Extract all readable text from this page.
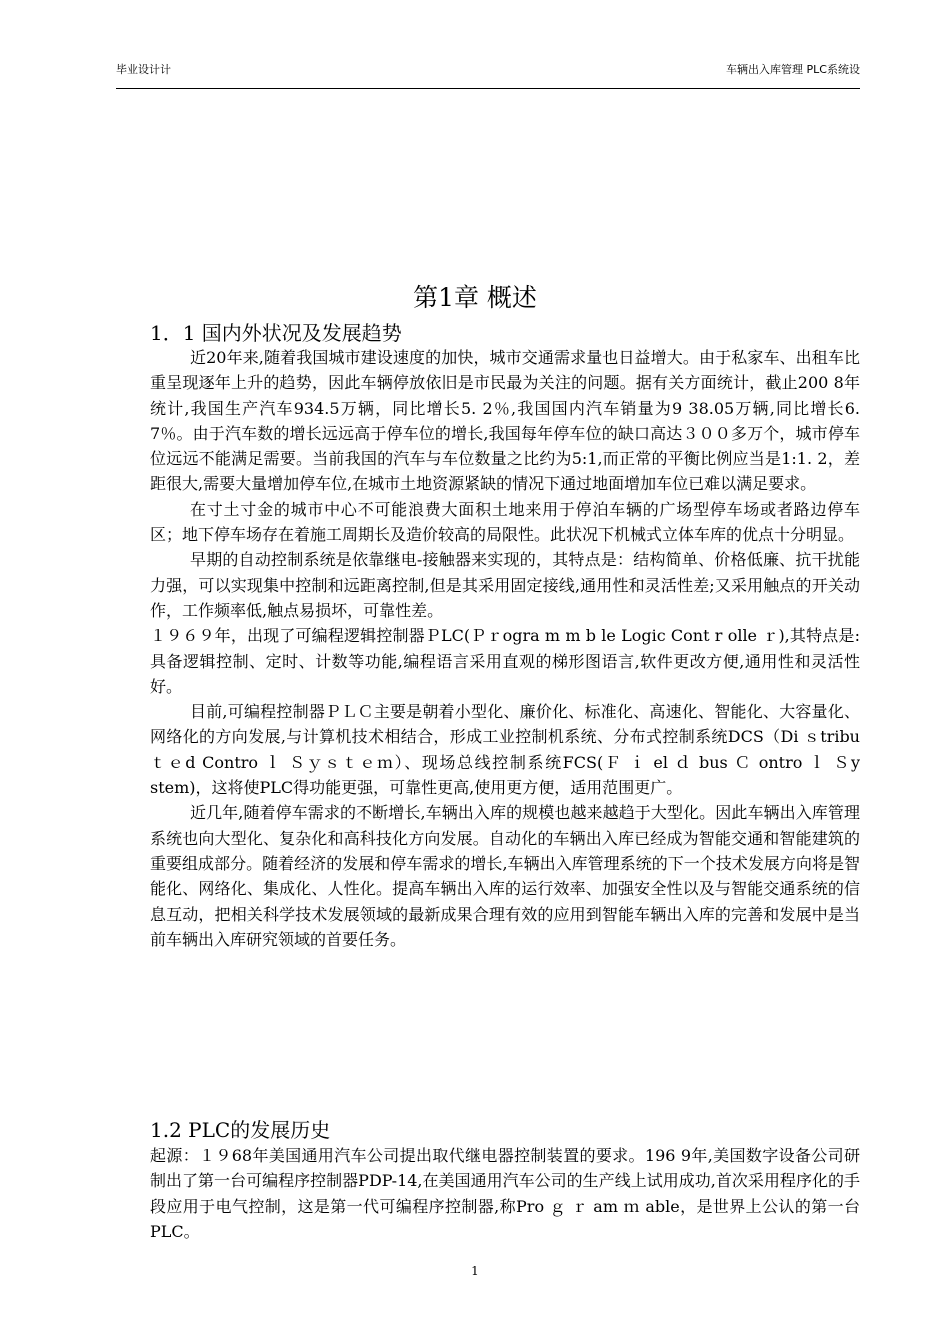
毕业设计计	车辆出入库管理 PLC系统设
第1章 概述
1．1 国内外状况及发展趋势

近20年来,随着我国城市建设速度的加快，城市交通需求量也日益增大。由于私家车、出租车比重呈现逐年上升的趋势，因此车辆停放依旧是市民最为关注的问题。据有关方面统计，截止200 8年统计,我国生产汽车934.5万辆，同比增长5. 2％,我国国内汽车销量为9 38.05万辆,同比增长6. 7％。由于汽车数的增长远远高于停车位的增长,我国每年停车位的缺口高达３００多万个，城市停车位远远不能满足需要。当前我国的汽车与车位数量之比约为5:1,而正常的平衡比例应当是1:1. 2，差距很大,需要大量增加停车位,在城市土地资源紧缺的情况下通过地面增加车位已难以满足要求。

在寸土寸金的城市中心不可能浪费大面积土地来用于停泊车辆的广场型停车场或者路边停车区；地下停车场存在着施工周期长及造价较高的局限性。此状况下机械式立体车库的优点十分明显。

早期的自动控制系统是依靠继电-接触器来实现的，其特点是：结构简单、价格低廉、抗干扰能力强，可以实现集中控制和远距离控制,但是其采用固定接线,通用性和灵活性差;又采用触点的开关动作，工作频率低,触点易损坏，可靠性差。

１９６９年，出现了可编程逻辑控制器ＰLC(Ｐｒogra m m b le Logic Cont r olle ｒ),其特点是:具备逻辑控制、定时、计数等功能,编程语言采用直观的梯形图语言,软件更改方便,通用性和灵活性好。

目前,可编程控制器ＰＬＣ主要是朝着小型化、廉价化、标准化、高速化、智能化、大容量化、网络化的方向发展,与计算机技术相结合，形成工业控制机系统、分布式控制系统DCS（Di ｓtribu ｔｅd Contro ｌ Ｓｙｓｔｅｍ）、现场总线控制系统FCS(Ｆ ｉ el ｄ bus Ｃ ontro ｌ Ｓy stem)，这将使PLC得功能更强，可靠性更高,使用更方便，适用范围更广。

近几年,随着停车需求的不断增长,车辆出入库的规模也越来越趋于大型化。因此车辆出入库管理系统也向大型化、复杂化和高科技化方向发展。自动化的车辆出入库已经成为智能交通和智能建筑的重要组成部分。随着经济的发展和停车需求的增长,车辆出入库管理系统的下一个技术发展方向将是智能化、网络化、集成化、人性化。提高车辆出入库的运行效率、加强安全性以及与智能交通系统的信息互动，把相关科学技术发展领域的最新成果合理有效的应用到智能车辆出入库的完善和发展中是当前车辆出入库研究领域的首要任务。

1.2 PLC的发展历史

起源：１９68年美国通用汽车公司提出取代继电器控制装置的要求。196 9年,美国数字设备公司研制出了第一台可编程序控制器PDP-14,在美国通用汽车公司的生产线上试用成功,首次采用程序化的手段应用于电气控制，这是第一代可编程序控制器,称Pro ｇ ｒ am ｍ able，是世界上公认的第一台PLC。

1
